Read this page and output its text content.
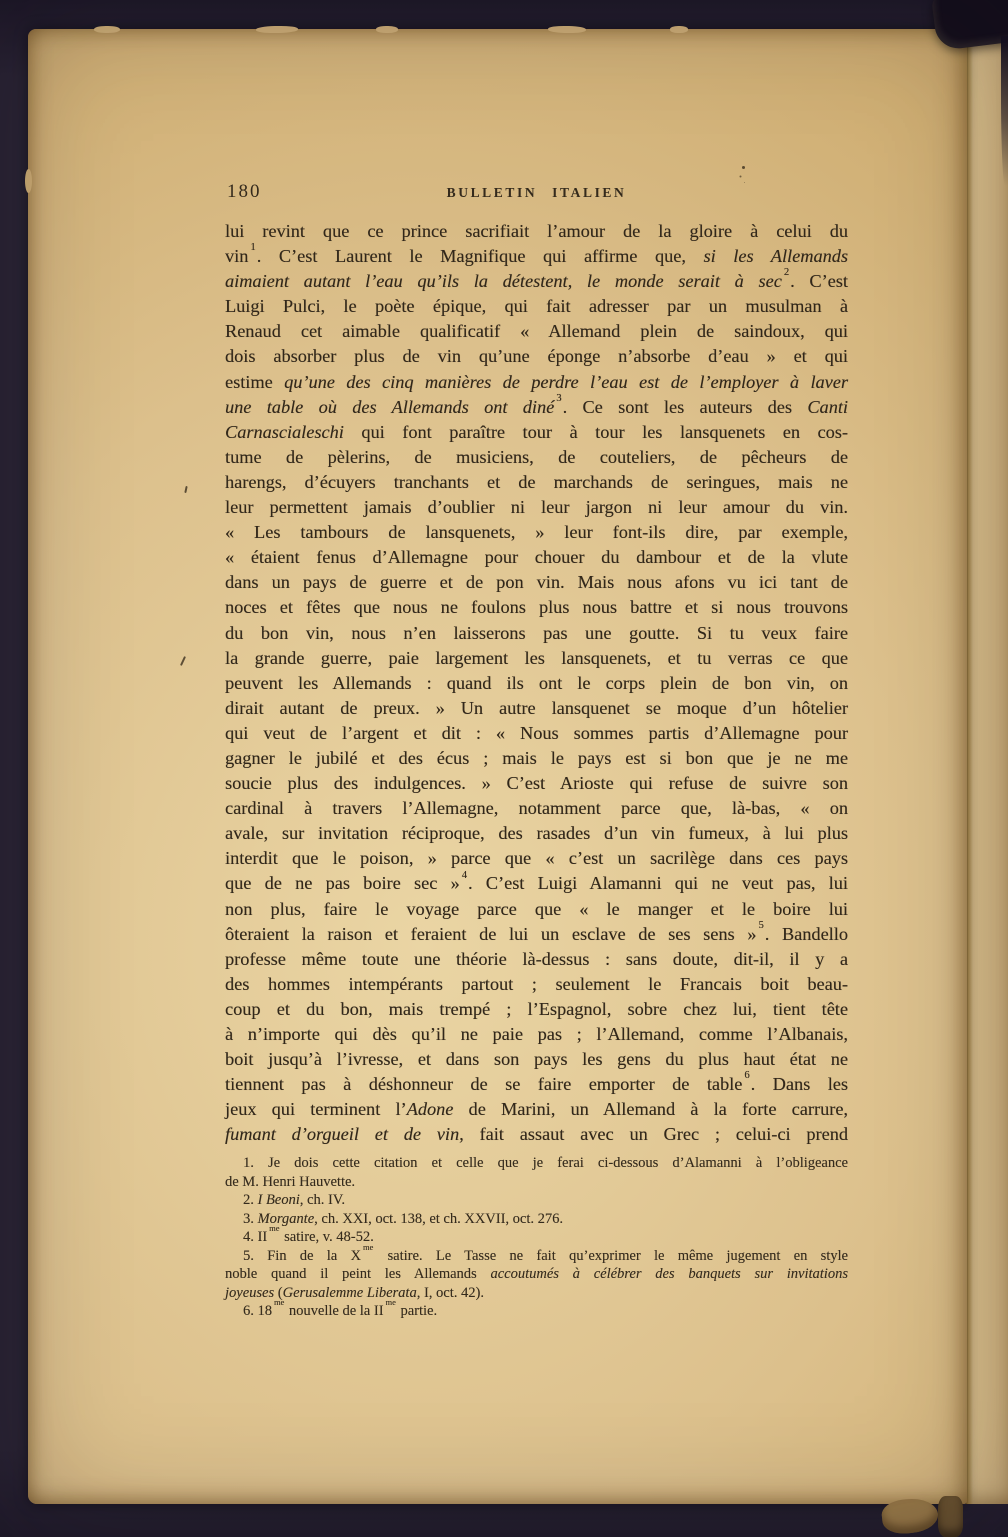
180	BULLETIN ITALIEN
lui revint que ce prince sacrifiait l’amour de la gloire à celui du
vin $^1$. C’est Laurent le Magnifique qui affirme que, si les Allemands
aimaient autant l’eau qu’ils la détestent, le monde serait à sec $^2$. C’est
Luigi Pulci, le poète épique, qui fait adresser par un musulman à
Renaud cet aimable qualificatif « Allemand plein de saindoux, qui
dois absorber plus de vin qu’une éponge n’absorbe d’eau » et qui
estime qu’une des cinq manières de perdre l’eau est de l’employer à laver
une table où des Allemands ont diné $^3$. Ce sont les auteurs des Canti
Carnascialeschi qui font paraître tour à tour les lansquenets en cos-
tume de pèlerins, de musiciens, de couteliers, de pêcheurs de
harengs, d’écuyers tranchants et de marchands de seringues, mais ne
leur permettent jamais d’oublier ni leur jargon ni leur amour du vin.
« Les tambours de lansquenets, » leur font-ils dire, par exemple,
« étaient fenus d’Allemagne pour chouer du dambour et de la vlute
dans un pays de guerre et de pon vin. Mais nous afons vu ici tant de
noces et fêtes que nous ne foulons plus nous battre et si nous trouvons
du bon vin, nous n’en laisserons pas une goutte. Si tu veux faire
la grande guerre, paie largement les lansquenets, et tu verras ce que
peuvent les Allemands : quand ils ont le corps plein de bon vin, on
dirait autant de preux. » Un autre lansquenet se moque d’un hôtelier
qui veut de l’argent et dit : « Nous sommes partis d’Allemagne pour
gagner le jubilé et des écus ; mais le pays est si bon que je ne me
soucie plus des indulgences. » C’est Arioste qui refuse de suivre son
cardinal à travers l’Allemagne, notamment parce que, là-bas, « on
avale, sur invitation réciproque, des rasades d’un vin fumeux, à lui plus
interdit que le poison, » parce que « c’est un sacrilège dans ces pays
que de ne pas boire sec » $^4$. C’est Luigi Alamanni qui ne veut pas, lui
non plus, faire le voyage parce que « le manger et le boire lui
ôteraient la raison et feraient de lui un esclave de ses sens » $^5$. Bandello
professe même toute une théorie là-dessus : sans doute, dit-il, il y a
des hommes intempérants partout ; seulement le Francais boit beau-
coup et du bon, mais trempé ; l’Espagnol, sobre chez lui, tient tête
à n’importe qui dès qu’il ne paie pas ; l’Allemand, comme l’Albanais,
boit jusqu’à l’ivresse, et dans son pays les gens du plus haut état ne
tiennent pas à déshonneur de se faire emporter de table $^6$. Dans les
jeux qui terminent l’Adone de Marini, un Allemand à la forte carrure,
fumant d’orgueil et de vin, fait assaut avec un Grec ; celui-ci prend
1. Je dois cette citation et celle que je ferai ci-dessous d’Alamanni à l’obligeance
de M. Henri Hauvette.
2. I Beoni, ch. IV.
3. Morgante, ch. XXI, oct. 138, et ch. XXVII, oct. 276.
4. $II^{me}$ satire, v. 48-52.
5. Fin de la $X^{me}$ satire. Le Tasse ne fait qu’exprimer le même jugement en style
noble quand il peint les Allemands accoutumés à célébrer des banquets sur invitations
joyeuses (Gerusalemme Liberata, I, oct. 42).
6. $18^{me}$ nouvelle de la $II^{me}$ partie.
